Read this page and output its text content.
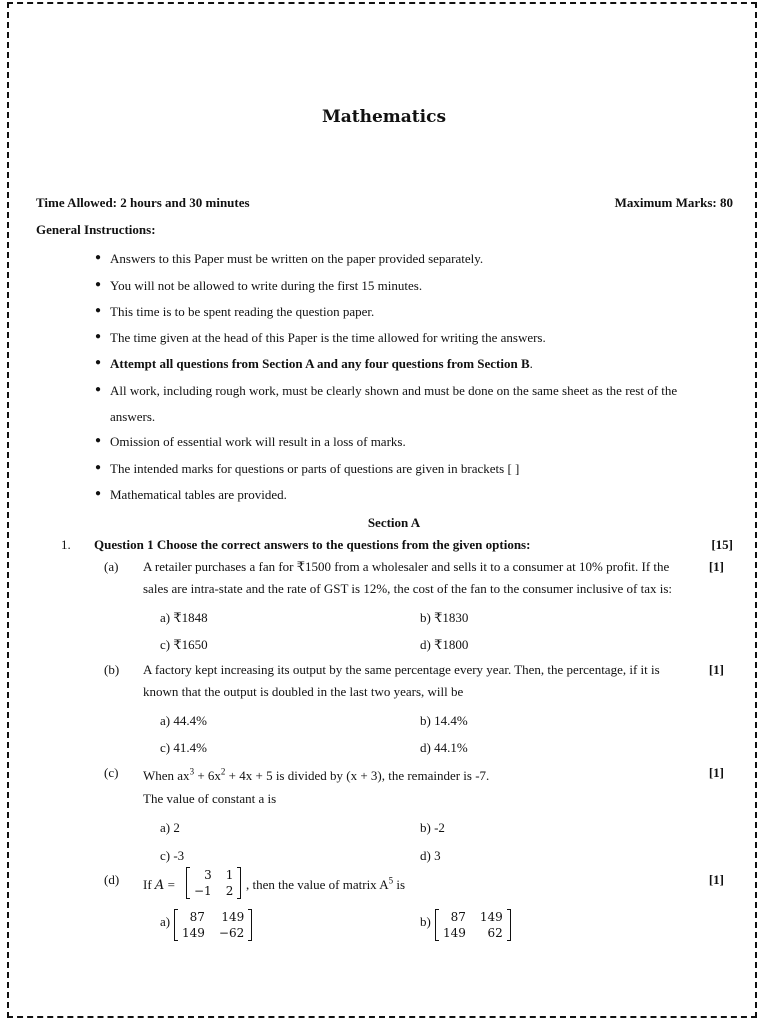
Mathematics
Time Allowed: 2 hours and 30 minutes	Maximum Marks: 80
General Instructions:
● Answers to this Paper must be written on the paper provided separately.
● You will not be allowed to write during the first 15 minutes.
● This time is to be spent reading the question paper.
● The time given at the head of this Paper is the time allowed for writing the answers.
● Attempt all questions from Section A and any four questions from Section B.
● All work, including rough work, must be clearly shown and must be done on the same sheet as the rest of the
answers.
● Omission of essential work will result in a loss of marks.
● The intended marks for questions or parts of questions are given in brackets [ ]
● Mathematical tables are provided.
Section A
1. Question 1 Choose the correct answers to the questions from the given options:	[15]
(a) A retailer purchases a fan for ₹1500 from a wholesaler and sells it to a consumer at 10% profit. If the	[1]
sales are intra-state and the rate of GST is 12%, the cost of the fan to the consumer inclusive of tax is:
a) ₹1848	b) ₹1830
c) ₹1650	d) ₹1800
(b) A factory kept increasing its output by the same percentage every year. Then, the percentage, if it is	[1]
known that the output is doubled in the last two years, will be
a) 44.4%	b) 14.4%
c) 41.4%	d) 44.1%
(c) When $ax^3 + 6x^2 + 4x + 5$ is divided by (x + 3), the remainder is -7.	[1]
The value of constant a is
a) 2	b) -2
c) -3	d) 3
(d)	[1]
If A =
3 1
−1 2 , then the value of matrix $A^5$ is
a)	87 149
149 −62
b)	87 149
149	62
